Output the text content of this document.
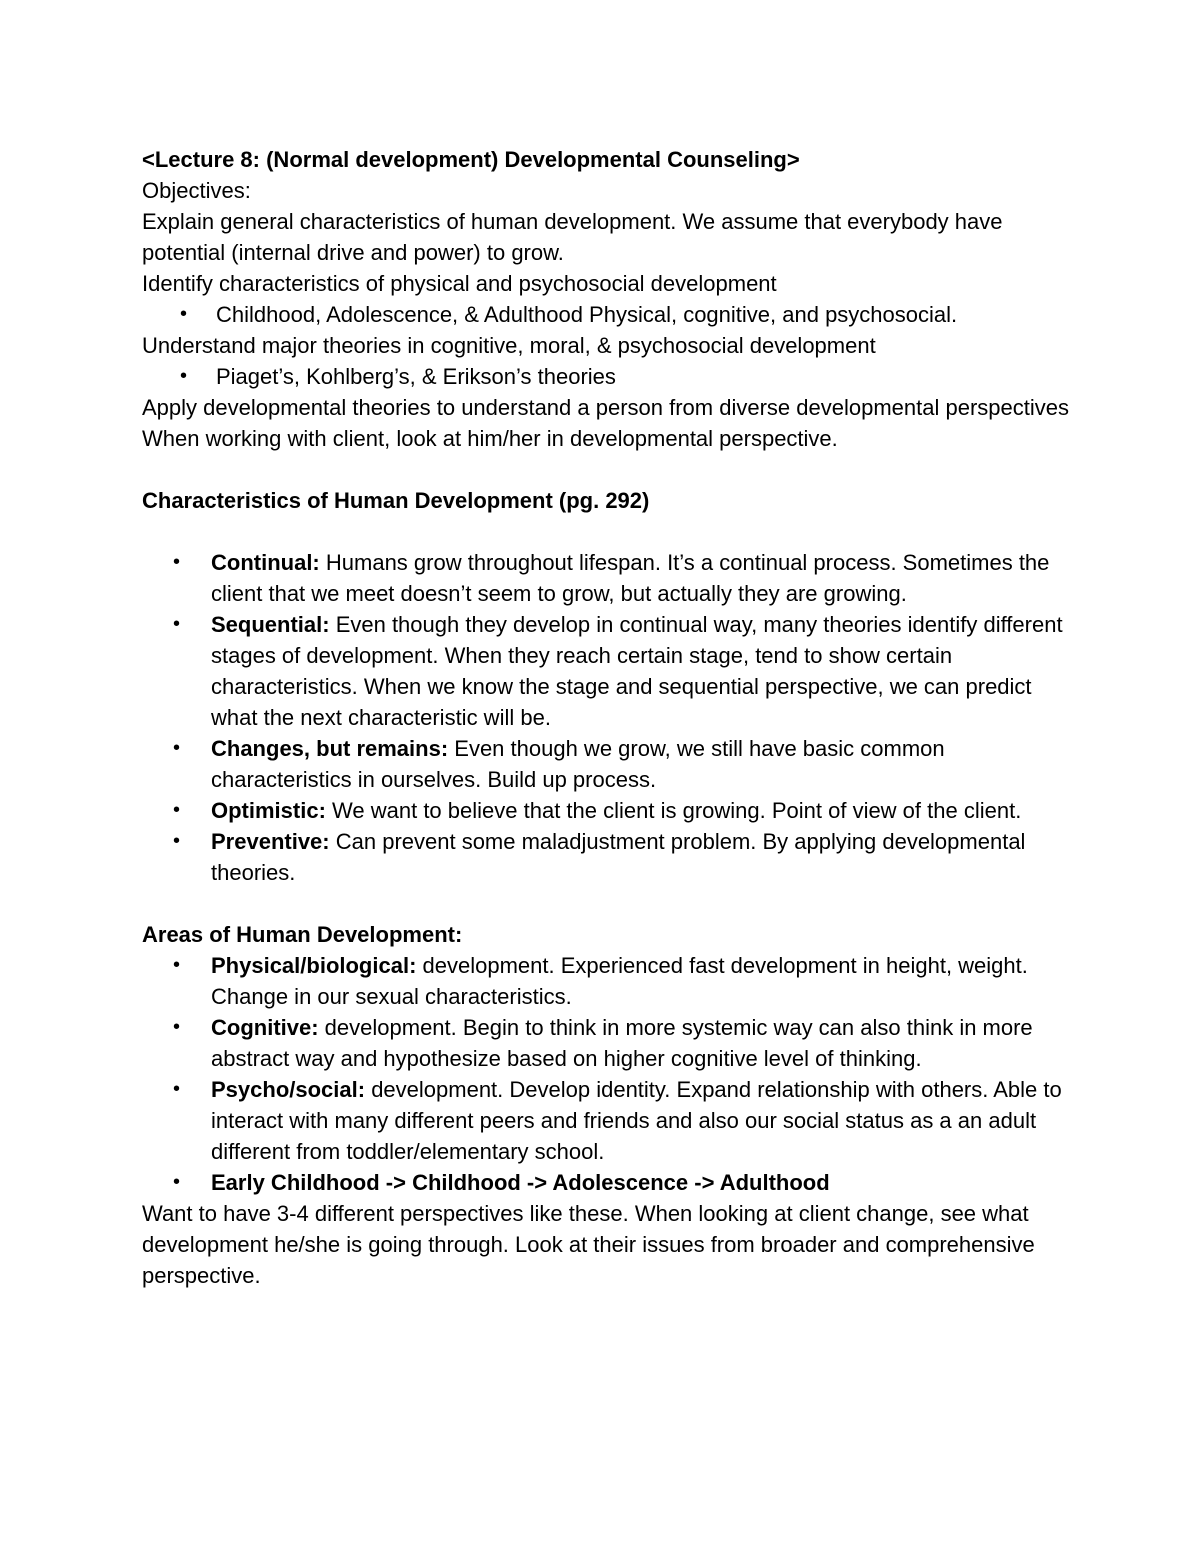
<Lecture 8: (Normal development) Developmental Counseling>

Objectives:

Explain general characteristics of human development. We assume that everybody have potential (internal drive and power) to grow.

Identify characteristics of physical and psychosocial development

• Childhood, Adolescence, & Adulthood Physical, cognitive, and psychosocial.

Understand major theories in cognitive, moral, & psychosocial development

• Piaget’s, Kohlberg’s, & Erikson’s theories

Apply developmental theories to understand a person from diverse developmental perspectives When working with client, look at him/her in developmental perspective.

Characteristics of Human Development (pg. 292)

• Continual: Humans grow throughout lifespan. It’s a continual process. Sometimes the client that we meet doesn’t seem to grow, but actually they are growing.
• Sequential: Even though they develop in continual way, many theories identify different stages of development. When they reach certain stage, tend to show certain characteristics. When we know the stage and sequential perspective, we can predict what the next characteristic will be.
• Changes, but remains: Even though we grow, we still have basic common characteristics in ourselves. Build up process.
• Optimistic: We want to believe that the client is growing. Point of view of the client.
• Preventive: Can prevent some maladjustment problem. By applying developmental theories.

Areas of Human Development:

• Physical/biological: development. Experienced fast development in height, weight. Change in our sexual characteristics.
• Cognitive: development. Begin to think in more systemic way can also think in more abstract way and hypothesize based on higher cognitive level of thinking.
• Psycho/social: development. Develop identity. Expand relationship with others. Able to interact with many different peers and friends and also our social status as a an adult different from toddler/elementary school.
• Early Childhood -> Childhood -> Adolescence -> Adulthood

Want to have 3-4 different perspectives like these. When looking at client change, see what

development he/she is going through. Look at their issues from broader and comprehensive

perspective.
